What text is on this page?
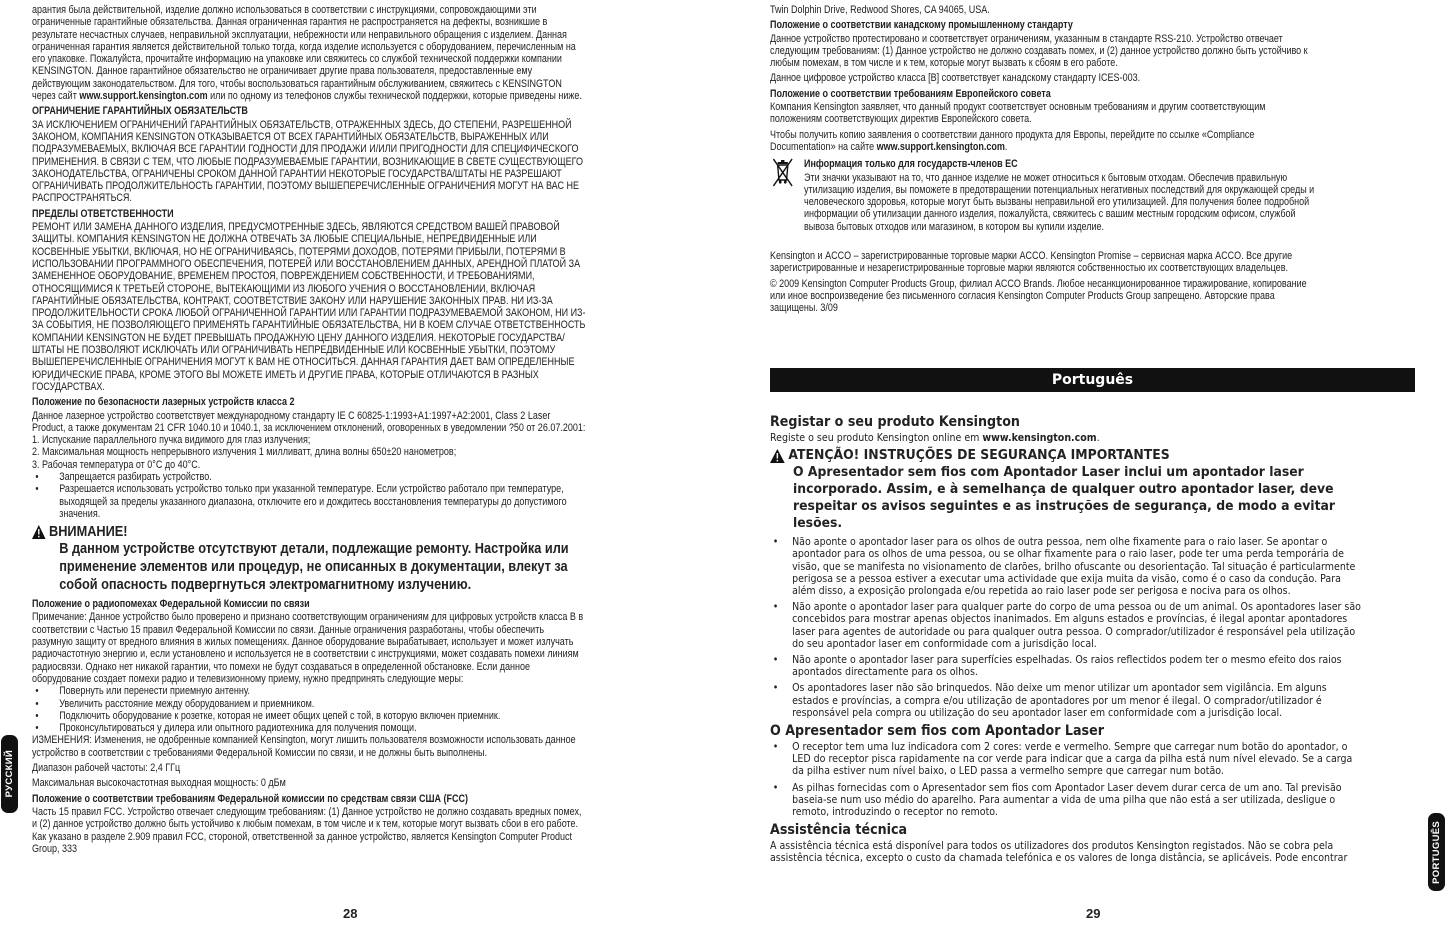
арантия была действительной, изделие должно использоваться в соответствии с инструкциями, сопровождающими эти ограниченные гарантийные обязательства. Данная ограниченная гарантия не распространяется на дефекты, возникшие в результате несчастных случаев, неправильной эксплуатации, небрежности или неправильного обращения с изделием. Данная ограниченная гарантия является действительной только тогда, когда изделие используется с оборудованием, перечисленным на его упаковке. Пожалуйста, прочитайте информацию на упаковке или свяжитесь со службой технической поддержки компании KENSINGTON. Данное гарантийное обязательство не ограничивает другие права пользователя, предоставленные ему действующим законодательством. Для того, чтобы воспользоваться гарантийным обслуживанием, свяжитесь с KENSINGTON через сайт www.support.kensington.com или по одному из телефонов службы технической поддержки, которые приведены ниже.
ОГРАНИЧЕНИЕ ГАРАНТИЙНЫХ ОБЯЗАТЕЛЬСТВ
ЗА ИСКЛЮЧЕНИЕМ ОГРАНИЧЕНИЙ ГАРАНТИЙНЫХ ОБЯЗАТЕЛЬСТВ, ОТРАЖЕННЫХ ЗДЕСЬ, ДО СТЕПЕНИ, РАЗРЕШЕННОЙ ЗАКОНОМ, КОМПАНИЯ KENSINGTON ОТКАЗЫВАЕТСЯ ОТ ВСЕХ ГАРАНТИЙНЫХ ОБЯЗАТЕЛЬСТВ, ВЫРАЖЕННЫХ ИЛИ ПОДРАЗУМЕВАЕМЫХ, ВКЛЮЧАЯ ВСЕ ГАРАНТИИ ГОДНОСТИ ДЛЯ ПРОДАЖИ И/ИЛИ ПРИГОДНОСТИ ДЛЯ СПЕЦИФИЧЕСКОГО ПРИМЕНЕНИЯ. В СВЯЗИ С ТЕМ, ЧТО ЛЮБЫЕ ПОДРАЗУМЕВАЕМЫЕ ГАРАНТИИ, ВОЗНИКАЮЩИЕ В СВЕТЕ СУЩЕСТВУЮЩЕГО ЗАКОНОДАТЕЛЬСТВА, ОГРАНИЧЕНЫ СРОКОМ ДАННОЙ ГАРАНТИИ НЕКОТОРЫЕ ГОСУДАРСТВА/ШТАТЫ НЕ РАЗРЕШАЮТ ОГРАНИЧИВАТЬ ПРОДОЛЖИТЕЛЬНОСТЬ ГАРАНТИИ, ПОЭТОМУ ВЫШЕПЕРЕЧИСЛЕННЫЕ ОГРАНИЧЕНИЯ МОГУТ НА ВАС НЕ РАСПРОСТРАНЯТЬСЯ.
ПРЕДЕЛЫ ОТВЕТСТВЕННОСТИ
РЕМОНТ ИЛИ ЗАМЕНА ДАННОГО ИЗДЕЛИЯ, ПРЕДУСМОТРЕННЫЕ ЗДЕСЬ, ЯВЛЯЮТСЯ СРЕДСТВОМ ВАШЕЙ ПРАВОВОЙ ЗАЩИТЫ. КОМПАНИЯ KENSINGTON НЕ ДОЛЖНА ОТВЕЧАТЬ ЗА ЛЮБЫЕ СПЕЦИАЛЬНЫЕ, НЕПРЕДВИДЕННЫЕ ИЛИ КОСВЕННЫЕ УБЫТКИ, ВКЛЮЧАЯ, НО НЕ ОГРАНИЧИВАЯСЬ, ПОТЕРЯМИ ДОХОДОВ, ПОТЕРЯМИ ПРИБЫЛИ, ПОТЕРЯМИ В ИСПОЛЬЗОВАНИИ ПРОГРАММНОГО ОБЕСПЕЧЕНИЯ, ПОТЕРЕЙ ИЛИ ВОССТАНОВЛЕНИЕМ ДАННЫХ, АРЕНДНОЙ ПЛАТОЙ ЗА ЗАМЕНЕННОЕ ОБОРУДОВАНИЕ, ВРЕМЕНЕМ ПРОСТОЯ, ПОВРЕЖДЕНИЕМ СОБСТВЕННОСТИ, И ТРЕБОВАНИЯМИ, ОТНОСЯЩИМИСЯ К ТРЕТЬЕЙ СТОРОНЕ, ВЫТЕКАЮЩИМИ ИЗ ЛЮБОГО УЧЕНИЯ О ВОССТАНОВЛЕНИИ, ВКЛЮЧАЯ ГАРАНТИЙНЫЕ ОБЯЗАТЕЛЬСТВА, КОНТРАКТ, СООТВЕТСТВИЕ ЗАКОНУ ИЛИ НАРУШЕНИЕ ЗАКОННЫХ ПРАВ. НИ ИЗ-ЗА ПРОДОЛЖИТЕЛЬНОСТИ СРОКА ЛЮБОЙ ОГРАНИЧЕННОЙ ГАРАНТИИ ИЛИ ГАРАНТИИ ПОДРАЗУМЕВАЕМОЙ ЗАКОНОМ, НИ ИЗ-ЗА СОБЫТИЯ, НЕ ПОЗВОЛЯЮЩЕГО ПРИМЕНЯТЬ ГАРАНТИЙНЫЕ ОБЯЗАТЕЛЬСТВА, НИ В КОЕМ СЛУЧАЕ ОТВЕТСТВЕННОСТЬ КОМПАНИИ KENSINGTON НЕ БУДЕТ ПРЕВЫШАТЬ ПРОДАЖНУЮ ЦЕНУ ДАННОГО ИЗДЕЛИЯ. НЕКОТОРЫЕ ГОСУДАРСТВА/ШТАТЫ НЕ ПОЗВОЛЯЮТ ИСКЛЮЧАТЬ ИЛИ ОГРАНИЧИВАТЬ НЕПРЕДВИДЕННЫЕ ИЛИ КОСВЕННЫЕ УБЫТКИ, ПОЭТОМУ ВЫШЕПЕРЕЧИСЛЕННЫЕ ОГРАНИЧЕНИЯ МОГУТ К ВАМ НЕ ОТНОСИТЬСЯ. ДАННАЯ ГАРАНТИЯ ДАЕТ ВАМ ОПРЕДЕЛЕННЫЕ ЮРИДИЧЕСКИЕ ПРАВА, КРОМЕ ЭТОГО ВЫ МОЖЕТЕ ИМЕТЬ И ДРУГИЕ ПРАВА, КОТОРЫЕ ОТЛИЧАЮТСЯ В РАЗНЫХ ГОСУДАРСТВАХ.
Положение по безопасности лазерных устройств класса 2
Данное лазерное устройство соответствует международному стандарту IE C 60825-1:1993+A1:1997+A2:2001, Class 2 Laser Product, а также документам 21 CFR 1040.10 и 1040.1, за исключением отклонений, оговоренных в уведомлении ?50 от 26.07.2001:
1. Испускание параллельного пучка видимого для глаз излучения;
2. Максимальная мощность непрерывного излучения 1 милливатт, длина волны 650±20 нанометров;
3. Рабочая температура от 0°С до 40°С.
• Запрещается разбирать устройство.
• Разрешается использовать устройство только при указанной температуре. Если устройство работало при температуре, выходящей за пределы указанного диапазона, отключите его и дождитесь восстановления температуры до допустимого значения.
ВНИМАНИЕ!
В данном устройстве отсутствуют детали, подлежащие ремонту. Настройка или применение элементов или процедур, не описанных в документации, влекут за собой опасность подвергнуться электромагнитному излучению.
Положение о радиопомехах Федеральной Комиссии по связи
Примечание: Данное устройство было проверено и признано соответствующим ограничениям для цифровых устройств класса В в соответствии с Частью 15 правил Федеральной Комиссии по связи. Данные ограничения разработаны, чтобы обеспечить разумную защиту от вредного влияния в жилых помещениях. Данное оборудование вырабатывает, использует и может излучать радиочастотную энергию и, если установлено и используется не в соответствии с инструкциями, может создавать помехи линиям радиосвязи. Однако нет никакой гарантии, что помехи не будут создаваться в определенной обстановке. Если данное оборудование создает помехи радио и телевизионному приему, нужно предпринять следующие меры:
• Повернуть или перенести приемную антенну.
• Увеличить расстояние между оборудованием и приемником.
• Подключить оборудование к розетке, которая не имеет общих цепей с той, в которую включен приемник.
• Проконсультироваться у дилера или опытного радиотехника для получения помощи.
ИЗМЕНЕНИЯ: Изменения, не одобренные компанией Kensington, могут лишить пользователя возможности использовать данное устройство в соответствии с требованиями Федеральной Комиссии по связи, и не должны быть выполнены.
Диапазон рабочей частоты: 2,4 ГГц
Максимальная высокочастотная выходная мощность: 0 дБм
Положение о соответствии требованиям Федеральной комиссии по средствам связи США (FCC)
Часть 15 правил FCC. Устройство отвечает следующим требованиям: (1) Данное устройство не должно создавать вредных помех, и (2) данное устройство должно быть устойчиво к любым помехам, в том числе и к тем, которые могут вызвать сбои в его работе. Как указано в разделе 2.909 правил FCC, стороной, ответственной за данное устройство, является Kensington Computer Product Group, 333
РУССКИЙ
28
Twin Dolphin Drive, Redwood Shores, CA 94065, USA.
Положение о соответствии канадскому промышленному стандарту
Данное устройство протестировано и соответствует ограничениям, указанным в стандарте RSS-210. Устройство отвечает следующим требованиям: (1) Данное устройство не должно создавать помех, и (2) данное устройство должно быть устойчиво к любым помехам, в том числе и к тем, которые могут вызвать к сбоям в его работе.
Данное цифровое устройство класса [B] соответствует канадскому стандарту ICES-003.
Положение о соответствии требованиям Европейского совета
Компания Kensington заявляет, что данный продукт соответствует основным требованиям и другим соответствующим положениям соответствующих директив Европейского совета.
Чтобы получить копию заявления о соответствии данного продукта для Европы, перейдите по ссылке «Compliance Documentation» на сайте www.support.kensington.com.
Информация только для государств-членов ЕС
Эти значки указывают на то, что данное изделие не может относиться к бытовым отходам. Обеспечив правильную утилизацию изделия, вы поможете в предотвращении потенциальных негативных последствий для окружающей среды и человеческого здоровья, которые могут быть вызваны неправильной его утилизацией. Для получения более подробной информации об утилизации данного изделия, пожалуйста, свяжитесь с вашим местным городским офисом, службой вывоза бытовых отходов или магазином, в котором вы купили изделие.
Kensington и ACCO – зарегистрированные торговые марки ACCO. Kensington Promise – сервисная марка ACCO. Все другие зарегистрированные и незарегистрированные торговые марки являются собственностью их соответствующих владельцев.
© 2009 Kensington Computer Products Group, филиал ACCO Brands. Любое несанкционированное тиражирование, копирование или иное воспроизведение без письменного согласия Kensington Computer Products Group запрещено. Авторские права защищены. 3/09
Português
Registar o seu produto Kensington
Registe o seu produto Kensington online em www.kensington.com.
ATENÇÃO! INSTRUÇÕES DE SEGURANÇA IMPORTANTES
O Apresentador sem fios com Apontador Laser inclui um apontador laser incorporado. Assim, e à semelhança de qualquer outro apontador laser, deve respeitar os avisos seguintes e as instruções de segurança, de modo a evitar lesões.
• Não aponte o apontador laser para os olhos de outra pessoa, nem olhe fixamente para o raio laser. Se apontar o apontador para os olhos de uma pessoa, ou se olhar fixamente para o raio laser, pode ter uma perda temporária de visão, que se manifesta no visionamento de clarões, brilho ofuscante ou desorientação. Tal situação é particularmente perigosa se a pessoa estiver a executar uma actividade que exija muita da visão, como é o caso da condução. Para além disso, a exposição prolongada e/ou repetida ao raio laser pode ser perigosa e nociva para os olhos.
• Não aponte o apontador laser para qualquer parte do corpo de uma pessoa ou de um animal. Os apontadores laser são concebidos para mostrar apenas objectos inanimados. Em alguns estados e províncias, é ilegal apontar apontadores laser para agentes de autoridade ou para qualquer outra pessoa. O comprador/utilizador é responsável pela utilização do seu apontador laser em conformidade com a jurisdição local.
• Não aponte o apontador laser para superfícies espelhadas. Os raios reflectidos podem ter o mesmo efeito dos raios apontados directamente para os olhos.
• Os apontadores laser não são brinquedos. Não deixe um menor utilizar um apontador sem vigilância. Em alguns estados e províncias, a compra e/ou utilização de apontadores por um menor é ilegal. O comprador/utilizador é responsável pela compra ou utilização do seu apontador laser em conformidade com a jurisdição local.
O Apresentador sem fios com Apontador Laser
• O receptor tem uma luz indicadora com 2 cores: verde e vermelho. Sempre que carregar num botão do apontador, o LED do receptor pisca rapidamente na cor verde para indicar que a carga da pilha está num nível elevado. Se a carga da pilha estiver num nível baixo, o LED passa a vermelho sempre que carregar num botão.
• As pilhas fornecidas com o Apresentador sem fios com Apontador Laser devem durar cerca de um ano. Tal previsão baseia-se num uso médio do aparelho. Para aumentar a vida de uma pilha que não está a ser utilizada, desligue o remoto, introduzindo o receptor no remoto.
Assistência técnica
A assistência técnica está disponível para todos os utilizadores dos produtos Kensington registados. Não se cobra pela assistência técnica, excepto o custo da chamada telefónica e os valores de longa distância, se aplicáveis. Pode encontrar	PORTUGUÊS
29
